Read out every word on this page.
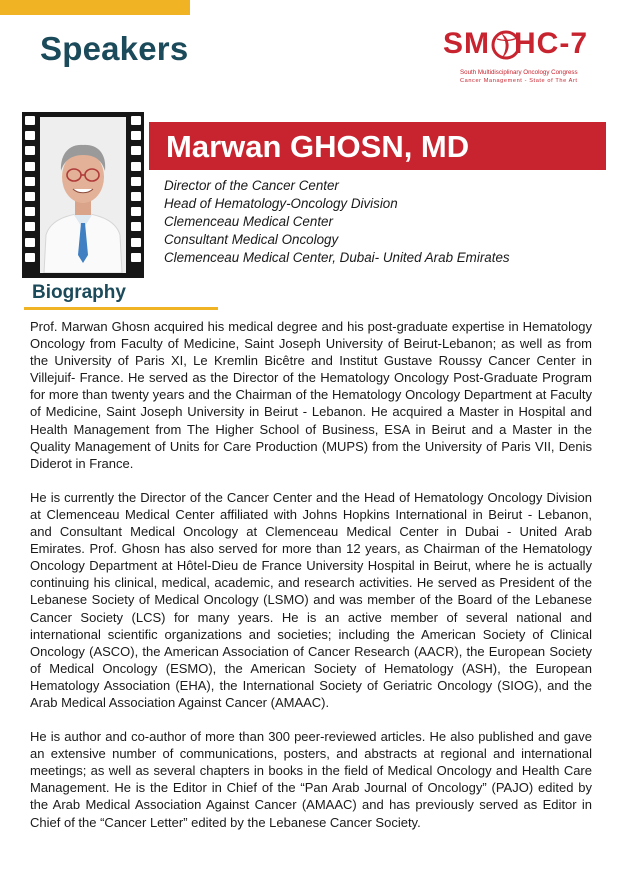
Speakers	SM HC-7
South Multidisciplinary Oncology Congress
Cancer Management - State of The Art
Marwan GHOSN, MD
Director of the Cancer Center
Head of Hematology-Oncology Division
Clemenceau Medical Center
Consultant Medical Oncology
Clemenceau Medical Center, Dubai- United Arab Emirates
Biography

Prof. Marwan Ghosn acquired his medical degree and his post-graduate expertise in Hematology Oncology from Faculty of Medicine, Saint Joseph University of Beirut-Lebanon; as well as from the University of Paris XI, Le Kremlin Bicêtre and Institut Gustave Roussy Cancer Center in Villejuif- France. He served as the Director of the Hematology Oncology Post-Graduate Program for more than twenty years and the Chairman of the Hematology Oncology Department at Faculty of Medicine, Saint Joseph University in Beirut - Lebanon. He acquired a Master in Hospital and Health Management from The Higher School of Business, ESA in Beirut and a Master in the Quality Management of Units for Care Production (MUPS) from the University of Paris VII, Denis Diderot in France.

He is currently the Director of the Cancer Center and the Head of Hematology Oncology Division at Clemenceau Medical Center affiliated with Johns Hopkins International in Beirut - Lebanon, and Consultant Medical Oncology at Clemenceau Medical Center in Dubai - United Arab Emirates. Prof. Ghosn has also served for more than 12 years, as Chairman of the Hematology Oncology Department at Hôtel-Dieu de France University Hospital in Beirut, where he is actually continuing his clinical, medical, academic, and research activities. He served as President of the Lebanese Society of Medical Oncology (LSMO) and was member of the Board of the Lebanese Cancer Society (LCS) for many years. He is an active member of several national and international scientific organizations and societies; including the American Society of Clinical Oncology (ASCO), the American Association of Cancer Research (AACR), the European Society of Medical Oncology (ESMO), the American Society of Hematology (ASH), the European Hematology Association (EHA), the International Society of Geriatric Oncology (SIOG), and the Arab Medical Association Against Cancer (AMAAC).

He is author and co-author of more than 300 peer-reviewed articles. He also published and gave an extensive number of communications, posters, and abstracts at regional and international meetings; as well as several chapters in books in the field of Medical Oncology and Health Care Management. He is the Editor in Chief of the “Pan Arab Journal of Oncology” (PAJO) edited by the Arab Medical Association Against Cancer (AMAAC) and has previously served as Editor in Chief of the “Cancer Letter” edited by the Lebanese Cancer Society.
